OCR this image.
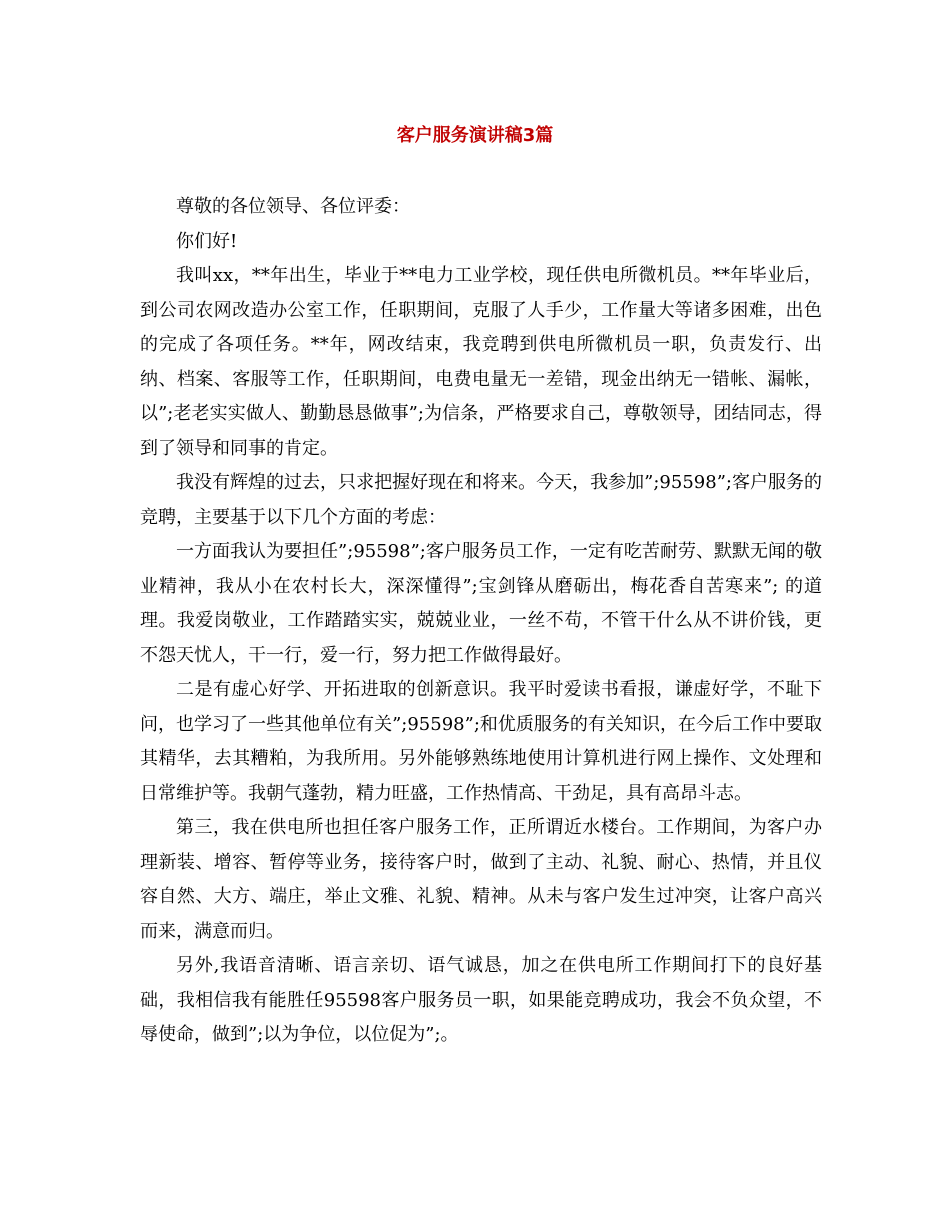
客户服务演讲稿3篇

尊敬的各位领导、各位评委：

你们好!

我叫xx，**年出生，毕业于**电力工业学校，现任供电所微机员。**年毕业后，到公司农网改造办公室工作，任职期间，克服了人手少，工作量大等诸多困难，出色的完成了各项任务。**年，网改结束，我竞聘到供电所微机员一职，负责发行、出纳、档案、客服等工作，任职期间，电费电量无一差错，现金出纳无一错帐、漏帐，以”;老老实实做人、勤勤恳恳做事”;为信条，严格要求自己，尊敬领导，团结同志，得到了领导和同事的肯定。

我没有辉煌的过去，只求把握好现在和将来。今天，我参加”;95598”;客户服务的竞聘，主要基于以下几个方面的考虑：

一方面我认为要担任”;95598”;客户服务员工作，一定有吃苦耐劳、默默无闻的敬业精神，我从小在农村长大，深深懂得”;宝剑锋从磨砺出，梅花香自苦寒来”; 的道理。我爱岗敬业，工作踏踏实实，兢兢业业，一丝不苟，不管干什么从不讲价钱，更不怨天忧人，干一行，爱一行，努力把工作做得最好。

二是有虚心好学、开拓进取的创新意识。我平时爱读书看报，谦虚好学，不耻下问，也学习了一些其他单位有关”;95598”;和优质服务的有关知识，在今后工作中要取其精华，去其糟粕，为我所用。另外能够熟练地使用计算机进行网上操作、文处理和日常维护等。我朝气蓬勃，精力旺盛，工作热情高、干劲足，具有高昂斗志。

第三，我在供电所也担任客户服务工作，正所谓近水楼台。工作期间，为客户办理新装、增容、暂停等业务，接待客户时，做到了主动、礼貌、耐心、热情，并且仪容自然、大方、端庄，举止文雅、礼貌、精神。从未与客户发生过冲突，让客户高兴而来，满意而归。

另外,我语音清晰、语言亲切、语气诚恳，加之在供电所工作期间打下的良好基础，我相信我有能胜任95598客户服务员一职，如果能竞聘成功，我会不负众望，不辱使命，做到”;以为争位，以位促为”;。
